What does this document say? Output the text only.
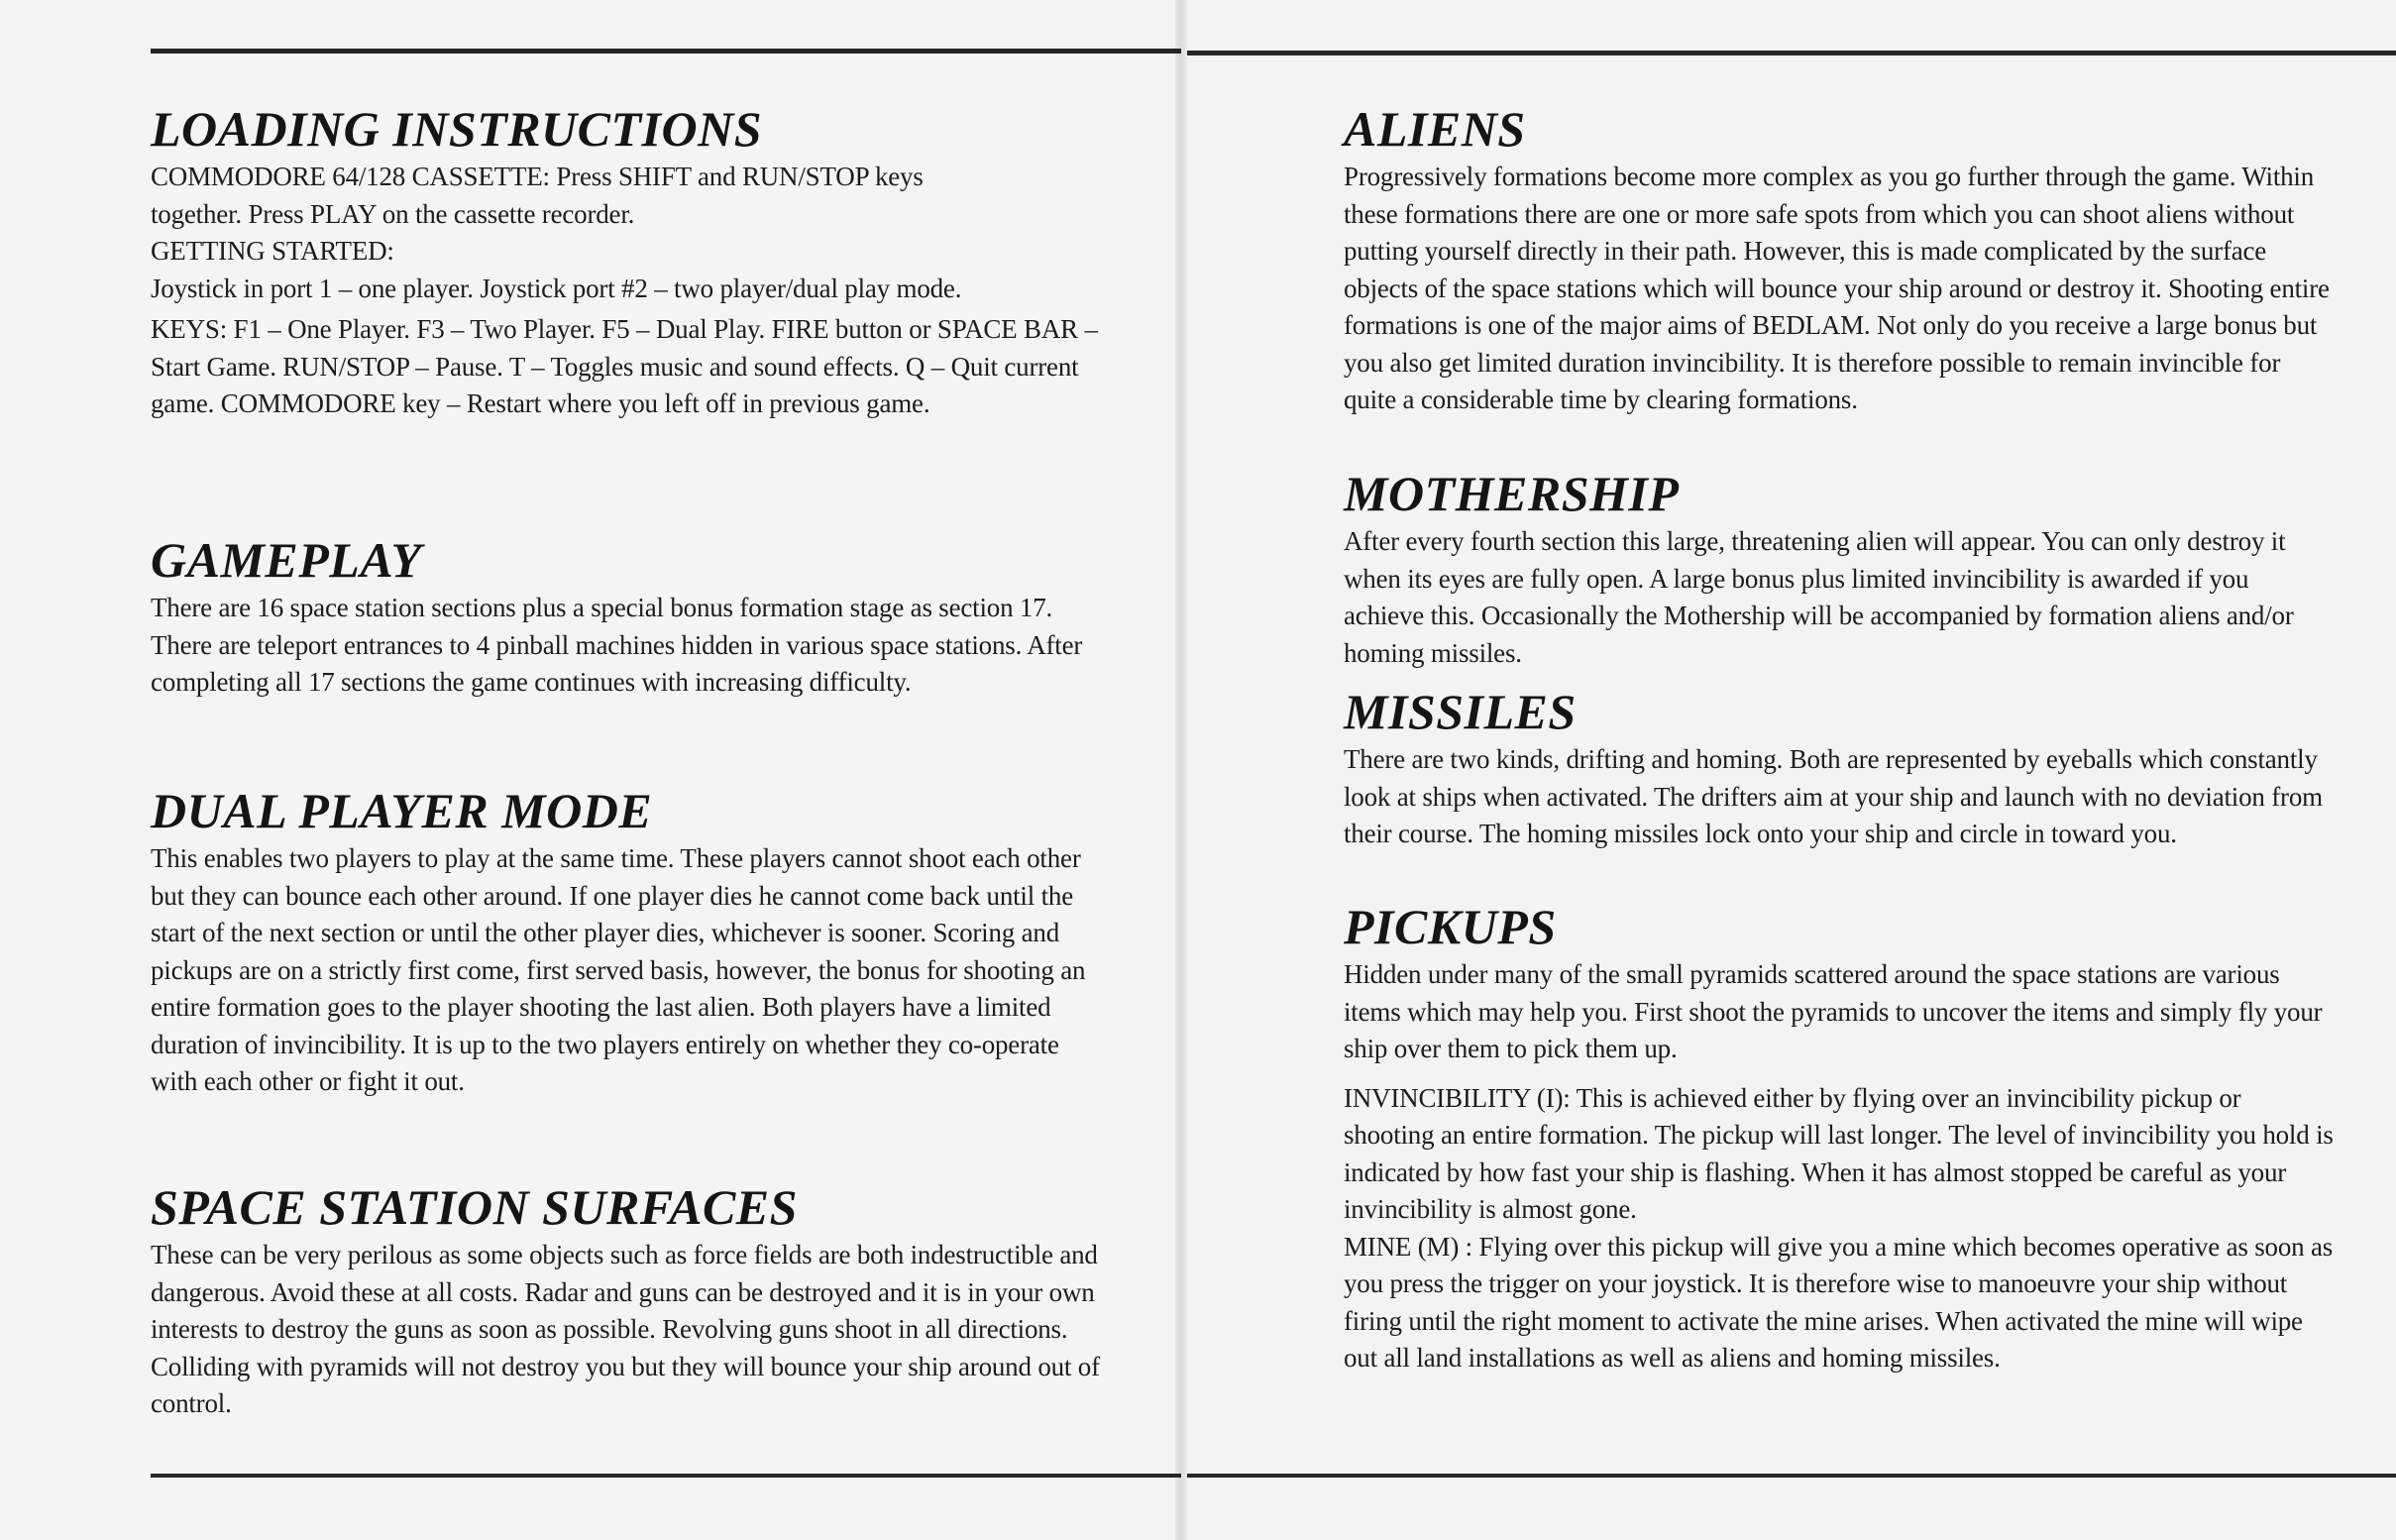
LOADING INSTRUCTIONS

COMMODORE 64/128 CASSETTE: Press SHIFT and RUN/STOP keys together. Press PLAY on the cassette recorder.

GETTING STARTED:

Joystick in port 1 – one player. Joystick port #2 – two player/dual play mode.

KEYS: F1 – One Player. F3 – Two Player. F5 – Dual Play. FIRE button or SPACE BAR – Start Game. RUN/STOP – Pause. T – Toggles music and sound effects. Q – Quit current game. COMMODORE key – Restart where you left off in previous game.

GAMEPLAY

There are 16 space station sections plus a special bonus formation stage as section 17. There are teleport entrances to 4 pinball machines hidden in various space stations. After completing all 17 sections the game continues with increasing difficulty.

DUAL PLAYER MODE

This enables two players to play at the same time. These players cannot shoot each other but they can bounce each other around. If one player dies he cannot come back until the start of the next section or until the other player dies, whichever is sooner. Scoring and pickups are on a strictly first come, first served basis, however, the bonus for shooting an entire formation goes to the player shooting the last alien. Both players have a limited duration of invincibility. It is up to the two players entirely on whether they co-operate with each other or fight it out.

SPACE STATION SURFACES

These can be very perilous as some objects such as force fields are both indestructible and dangerous. Avoid these at all costs. Radar and guns can be destroyed and it is in your own interests to destroy the guns as soon as possible. Revolving guns shoot in all directions. Colliding with pyramids will not destroy you but they will bounce your ship around out of control.

ALIENS

Progressively formations become more complex as you go further through the game. Within these formations there are one or more safe spots from which you can shoot aliens without putting yourself directly in their path. However, this is made complicated by the surface objects of the space stations which will bounce your ship around or destroy it. Shooting entire formations is one of the major aims of BEDLAM. Not only do you receive a large bonus but you also get limited duration invincibility. It is therefore possible to remain invincible for quite a considerable time by clearing formations.

MOTHERSHIP

After every fourth section this large, threatening alien will appear. You can only destroy it when its eyes are fully open. A large bonus plus limited invincibility is awarded if you achieve this. Occasionally the Mothership will be accompanied by formation aliens and/or homing missiles.

MISSILES

There are two kinds, drifting and homing. Both are represented by eyeballs which constantly look at ships when activated. The drifters aim at your ship and launch with no deviation from their course. The homing missiles lock onto your ship and circle in toward you.

PICKUPS

Hidden under many of the small pyramids scattered around the space stations are various items which may help you. First shoot the pyramids to uncover the items and simply fly your ship over them to pick them up.

INVINCIBILITY (I): This is achieved either by flying over an invincibility pickup or shooting an entire formation. The pickup will last longer. The level of invincibility you hold is indicated by how fast your ship is flashing. When it has almost stopped be careful as your invincibility is almost gone.

MINE (M) : Flying over this pickup will give you a mine which becomes operative as soon as you press the trigger on your joystick. It is therefore wise to manoeuvre your ship without firing until the right moment to activate the mine arises. When activated the mine will wipe out all land installations as well as aliens and homing missiles.
